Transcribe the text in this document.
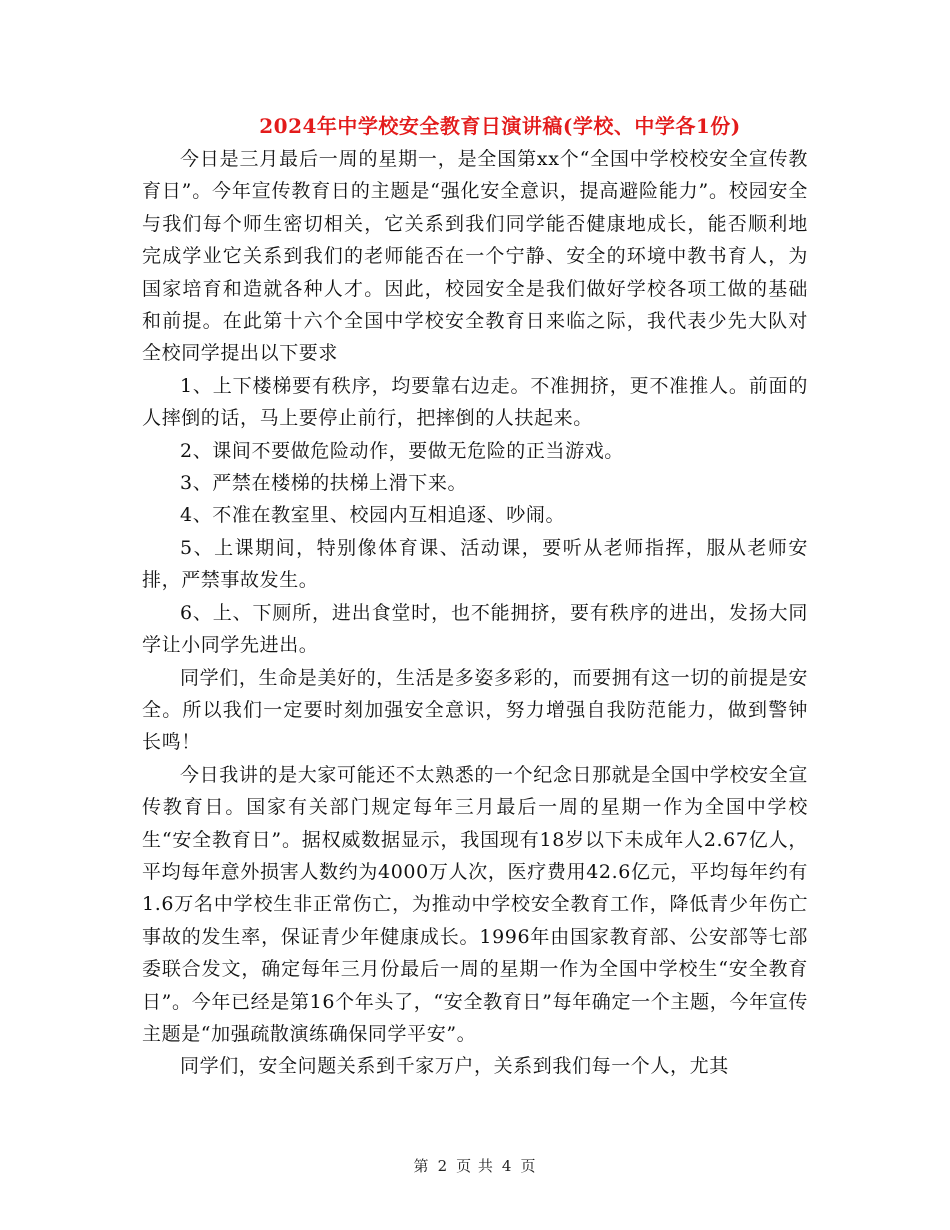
2024年中学校安全教育日演讲稿(学校、中学各1份)

今日是三月最后一周的星期一，是全国第xx个“全国中学校校安全宣传教育日”。今年宣传教育日的主题是“强化安全意识，提高避险能力”。校园安全与我们每个师生密切相关，它关系到我们同学能否健康地成长，能否顺利地完成学业它关系到我们的老师能否在一个宁静、安全的环境中教书育人，为国家培育和造就各种人才。因此，校园安全是我们做好学校各项工做的基础和前提。在此第十六个全国中学校安全教育日来临之际，我代表少先大队对全校同学提出以下要求

1、上下楼梯要有秩序，均要靠右边走。不准拥挤，更不准推人。前面的人摔倒的话，马上要停止前行，把摔倒的人扶起来。

2、课间不要做危险动作，要做无危险的正当游戏。

3、严禁在楼梯的扶梯上滑下来。

4、不准在教室里、校园内互相追逐、吵闹。

5、上课期间，特别像体育课、活动课，要听从老师指挥，服从老师安排，严禁事故发生。

6、上、下厕所，进出食堂时，也不能拥挤，要有秩序的进出，发扬大同学让小同学先进出。

同学们，生命是美好的，生活是多姿多彩的，而要拥有这一切的前提是安全。所以我们一定要时刻加强安全意识，努力增强自我防范能力，做到警钟长鸣！

今日我讲的是大家可能还不太熟悉的一个纪念日那就是全国中学校安全宣传教育日。国家有关部门规定每年三月最后一周的星期一作为全国中学校生“安全教育日”。据权威数据显示，我国现有18岁以下未成年人2.67亿人，平均每年意外损害人数约为4000万人次，医疗费用42.6亿元，平均每年约有1.6万名中学校生非正常伤亡，为推动中学校安全教育工作，降低青少年伤亡事故的发生率，保证青少年健康成长。1996年由国家教育部、公安部等七部委联合发文，确定每年三月份最后一周的星期一作为全国中学校生“安全教育日”。今年已经是第16个年头了，“安全教育日”每年确定一个主题，今年宣传主题是“加强疏散演练确保同学平安”。

同学们，安全问题关系到千家万户，关系到我们每一个人，尤其

第 2 页 共 4 页
